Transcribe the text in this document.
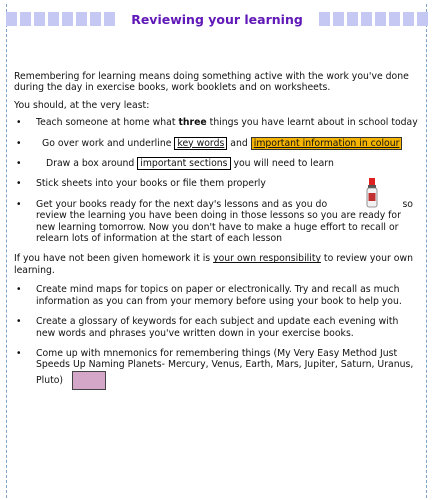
Reviewing your learning

Remembering for learning means doing something active with the work you've done during the day in exercise books, work booklets and on worksheets.

You should, at the very least:

• Teach someone at home what three things you have learnt about in school today
• Go over work and underline key words and important information in colour
• Draw a box around important sections you will need to learn
• Stick sheets into your books or file them properly
• Get your books ready for the next day's lessons and as you do	so
review the learning you have been doing in those lessons so you are ready for new learning tomorrow. Now you don't have to make a huge effort to recall or relearn lots of information at the start of each lesson

If you have not been given homework it is your own responsibility to review your own learning.

• Create mind maps for topics on paper or electronically. Try and recall as much information as you can from your memory before using your book to help you.
• Create a glossary of keywords for each subject and update each evening with new words and phrases you've written down in your exercise books.
• Come up with mnemonics for remembering things (My Very Easy Method Just Speeds Up Naming Planets- Mercury, Venus, Earth, Mars, Jupiter, Saturn, Uranus, Pluto)
